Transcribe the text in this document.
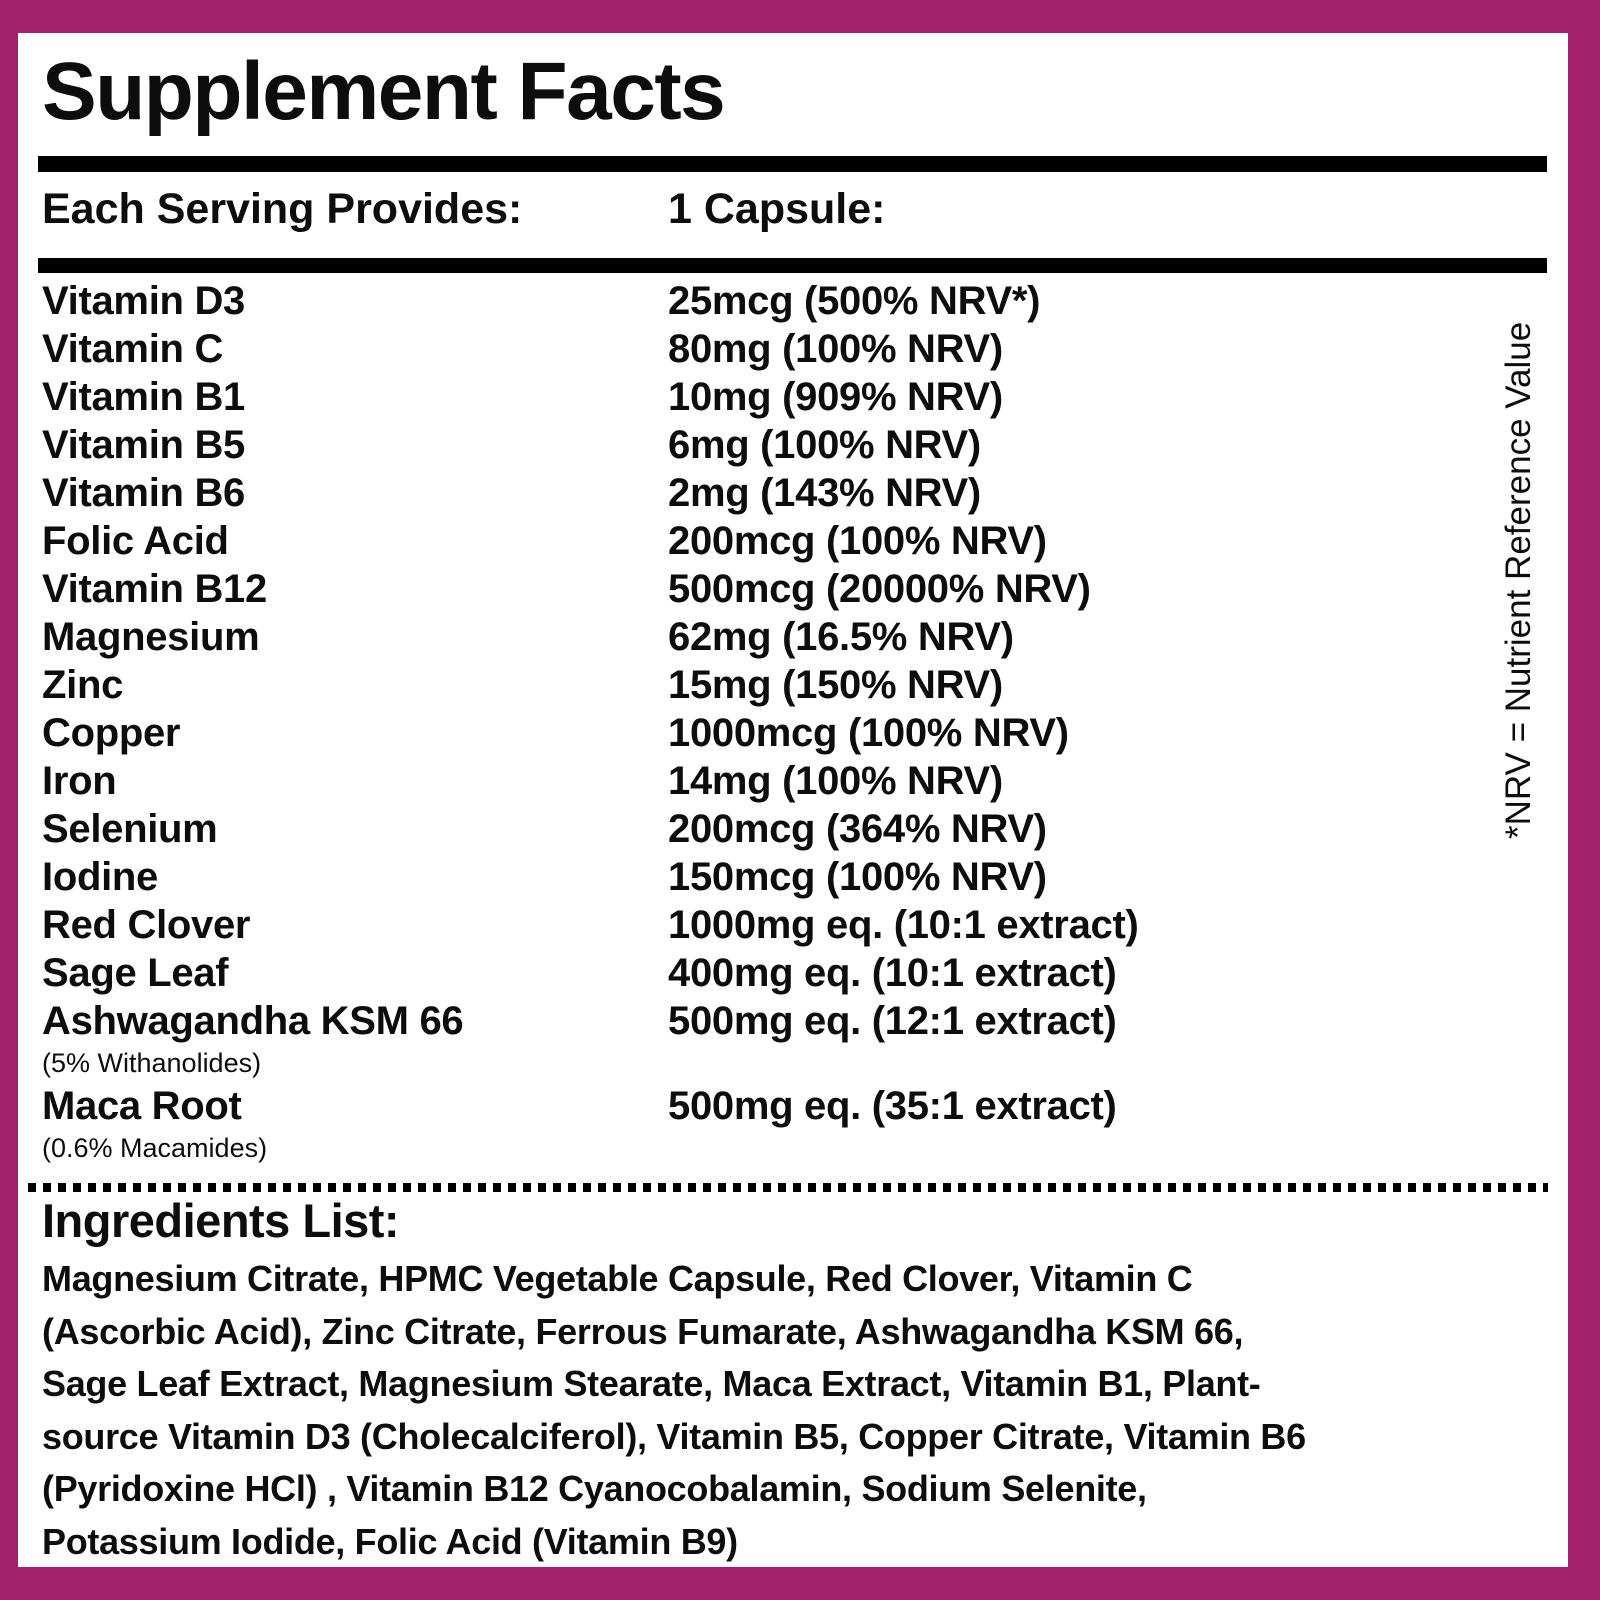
Supplement Facts
Each Serving Provides:	1 Capsule:
Vitamin D3	25mcg (500% NRV*)
Vitamin C	80mg (100% NRV)
Vitamin B1	10mg (909% NRV)
Vitamin B5	6mg (100% NRV)
Vitamin B6	2mg (143% NRV)
Folic Acid	200mcg (100% NRV)
Vitamin B12	500mcg (20000% NRV)
Magnesium	62mg (16.5% NRV)
Zinc	15mg (150% NRV)
Copper	1000mcg (100% NRV)
Iron	14mg (100% NRV)
Selenium	200mcg (364% NRV)
Iodine	150mcg (100% NRV)
Red Clover	1000mg eq. (10:1 extract)
Sage Leaf	400mg eq. (10:1 extract)
Ashwagandha KSM 66	500mg eq. (12:1 extract)
(5% Withanolides)
Maca Root	500mg eq. (35:1 extract)
(0.6% Macamides)
*NRV = Nutrient Reference Value
Ingredients List:
Magnesium Citrate, HPMC Vegetable Capsule, Red Clover, Vitamin C
(Ascorbic Acid), Zinc Citrate, Ferrous Fumarate, Ashwagandha KSM 66,
Sage Leaf Extract, Magnesium Stearate, Maca Extract, Vitamin B1, Plant-
source Vitamin D3 (Cholecalciferol), Vitamin B5, Copper Citrate, Vitamin B6
(Pyridoxine HCl) , Vitamin B12 Cyanocobalamin, Sodium Selenite,
Potassium Iodide, Folic Acid (Vitamin B9)
